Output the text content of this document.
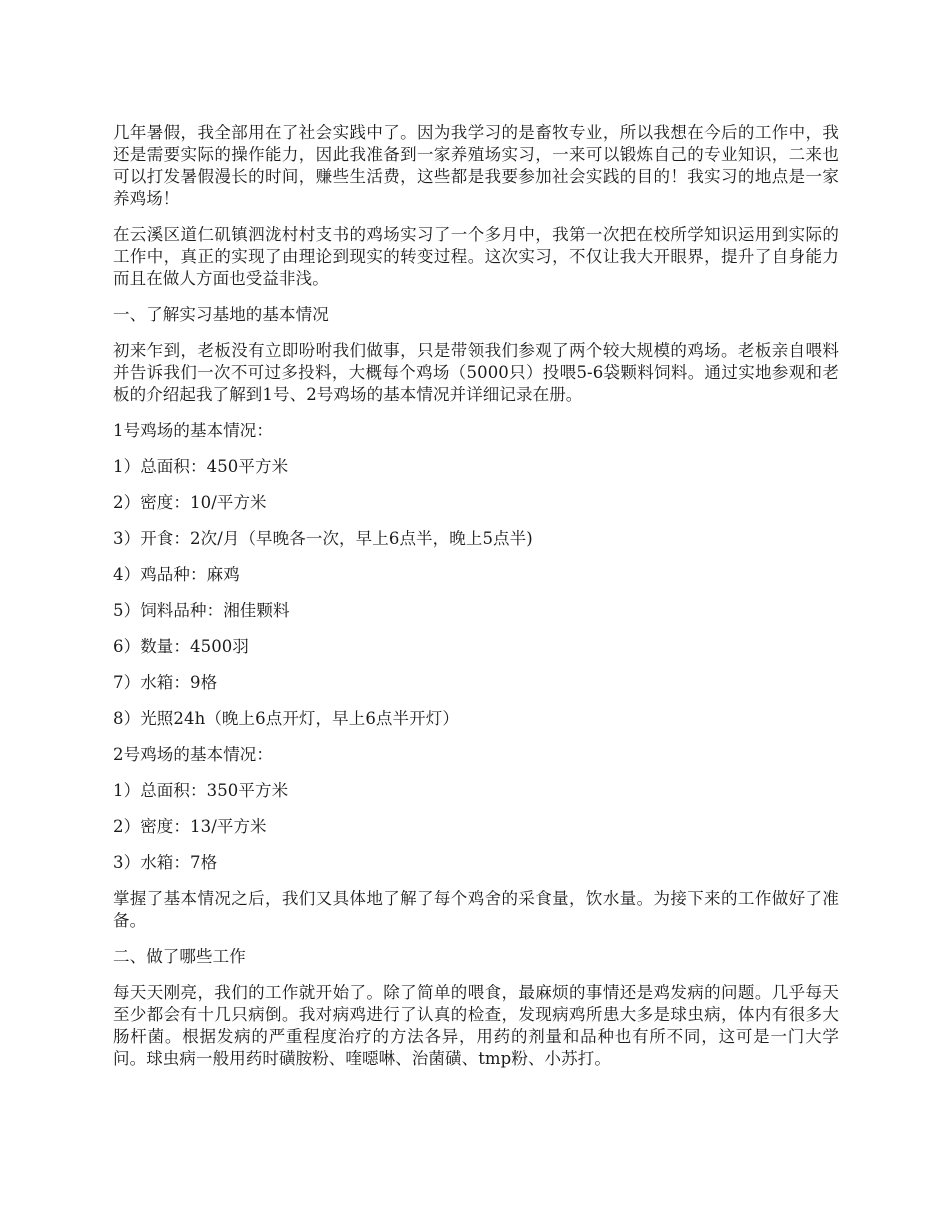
几年暑假，我全部用在了社会实践中了。因为我学习的是畜牧专业，所以我想在今后的工作中，我还是需要实际的操作能力，因此我准备到一家养殖场实习，一来可以锻炼自己的专业知识，二来也可以打发暑假漫长的时间，赚些生活费，这些都是我要参加社会实践的目的！我实习的地点是一家养鸡场！

在云溪区道仁矶镇泗泷村村支书的鸡场实习了一个多月中，我第一次把在校所学知识运用到实际的工作中，真正的实现了由理论到现实的转变过程。这次实习，不仅让我大开眼界，提升了自身能力而且在做人方面也受益非浅。

一、了解实习基地的基本情况

初来乍到，老板没有立即吩咐我们做事，只是带领我们参观了两个较大规模的鸡场。老板亲自喂料并告诉我们一次不可过多投料，大概每个鸡场（5000只）投喂5-6袋颗料饲料。通过实地参观和老板的介绍起我了解到1号、2号鸡场的基本情况并详细记录在册。

1号鸡场的基本情况：

1）总面积：450平方米

2）密度：10/平方米

3）开食：2次/月（早晚各一次，早上6点半，晚上5点半)

4）鸡品种：麻鸡

5）饲料品种：湘佳颗料

6）数量：4500羽

7）水箱：9格

8）光照24h（晚上6点开灯，早上6点半开灯）

2号鸡场的基本情况：

1）总面积：350平方米

2）密度：13/平方米

3）水箱：7格

掌握了基本情况之后，我们又具体地了解了每个鸡舍的采食量，饮水量。为接下来的工作做好了准备。

二、做了哪些工作

每天天刚亮，我们的工作就开始了。除了简单的喂食，最麻烦的事情还是鸡发病的问题。几乎每天至少都会有十几只病倒。我对病鸡进行了认真的检查，发现病鸡所患大多是球虫病，体内有很多大肠杆菌。根据发病的严重程度治疗的方法各异，用药的剂量和品种也有所不同，这可是一门大学问。球虫病一般用药时磺胺粉、喹噁啉、治菌磺、tmp粉、小苏打。
